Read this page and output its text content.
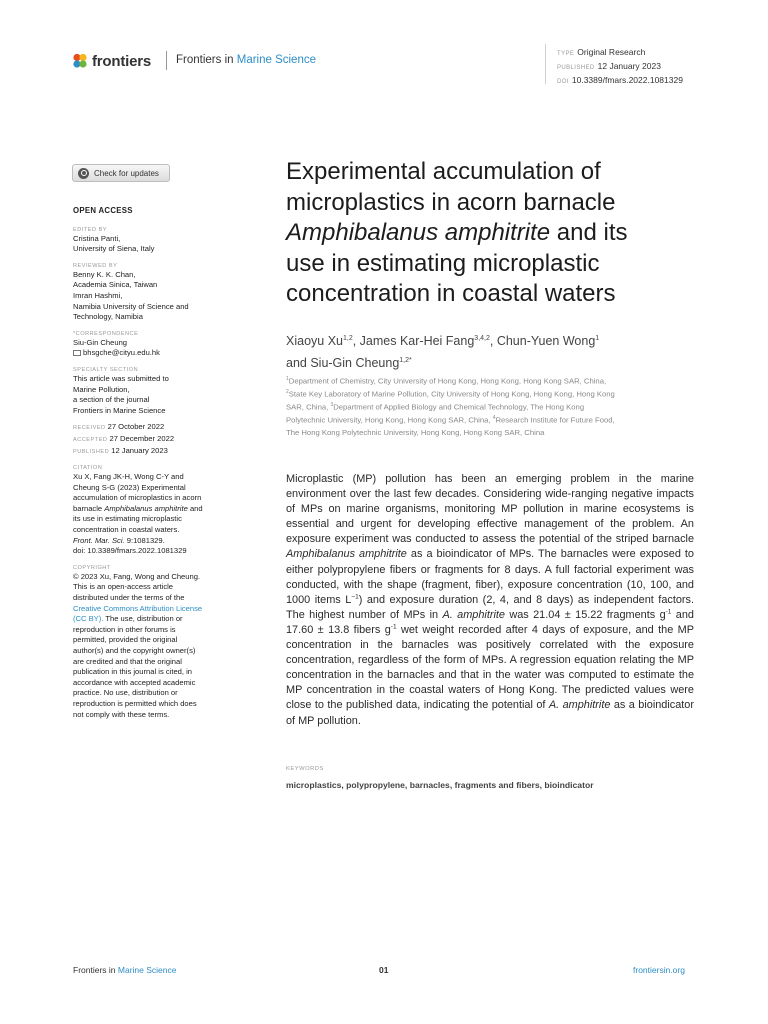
frontiers Frontiers in Marine Science	TYPE Original Research
PUBLISHED 12 January 2023
DOI 10.3389/fmars.2022.1081329
Check for updates
OPEN ACCESS
EDITED BY
Cristina Panti,
University of Siena, Italy
REVIEWED BY
Benny K. K. Chan,
Academia Sinica, Taiwan
Imran Hashmi,
Namibia University of Science and
Technology, Namibia
*CORRESPONDENCE
Siu-Gin Cheung
bhsgche@cityu.edu.hk
SPECIALTY SECTION
This article was submitted to
Marine Pollution,
a section of the journal
Frontiers in Marine Science
RECEIVED 27 October 2022
ACCEPTED 27 December 2022
PUBLISHED 12 January 2023
CITATION
Xu X, Fang JK-H, Wong C-Y and
Cheung S-G (2023) Experimental
accumulation of microplastics in acorn
barnacle Amphibalanus amphitrite and
its use in estimating microplastic
concentration in coastal waters.
Front. Mar. Sci. 9:1081329.
doi: 10.3389/fmars.2022.1081329
COPYRIGHT
© 2023 Xu, Fang, Wong and Cheung.
This is an open-access article
distributed under the terms of the
Creative Commons Attribution License
(CC BY). The use, distribution or
reproduction in other forums is
permitted, provided the original
author(s) and the copyright owner(s)
are credited and that the original
publication in this journal is cited, in
accordance with accepted academic
practice. No use, distribution or
reproduction is permitted which does
not comply with these terms.
Experimental accumulation of
microplastics in acorn barnacle
Amphibalanus amphitrite and its
use in estimating microplastic
concentration in coastal waters
Xiaoyu Xu$^{1,2}$, James Kar-Hei Fang$^{3,4,2}$, Chun-Yuen Wong$^1$
and Siu-Gin Cheung$^{1,2*}$
$^1$Department of Chemistry, City University of Hong Kong, Hong Kong, Hong Kong SAR, China,
$^2$State Key Laboratory of Marine Pollution, City University of Hong Kong, Hong Kong, Hong Kong
SAR, China, $^3$Department of Applied Biology and Chemical Technology, The Hong Kong
Polytechnic University, Hong Kong, Hong Kong SAR, China, $^4$Research Institute for Future Food,
The Hong Kong Polytechnic University, Hong Kong, Hong Kong SAR, China

Microplastic (MP) pollution has been an emerging problem in the marine environment over the last few decades. Considering wide-ranging negative impacts of MPs on marine organisms, monitoring MP pollution in marine ecosystems is essential and urgent for developing effective management of the problem. An exposure experiment was conducted to assess the potential of the striped barnacle Amphibalanus amphitrite as a bioindicator of MPs. The barnacles were exposed to either polypropylene fibers or fragments for 8 days. A full factorial experiment was conducted, with the shape (fragment, fiber), exposure concentration (10, 100, and 1000 items $L^{-1}$) and exposure duration (2, 4, and 8 days) as independent factors. The highest number of MPs in A. amphitrite was 21.04 ± 15.22 fragments $g^{-1}$ and 17.60 ± 13.8 fibers $g^{-1}$ wet weight recorded after 4 days of exposure, and the MP concentration in the barnacles was positively correlated with the exposure concentration, regardless of the form of MPs. A regression equation relating the MP concentration in the barnacles and that in the water was computed to estimate the MP concentration in the coastal waters of Hong Kong. The predicted values were close to the published data, indicating the potential of A. amphitrite as a bioindicator of MP pollution.

KEYWORDS
microplastics, polypropylene, barnacles, fragments and fibers, bioindicator
Frontiers in Marine Science	01	frontiersin.org
